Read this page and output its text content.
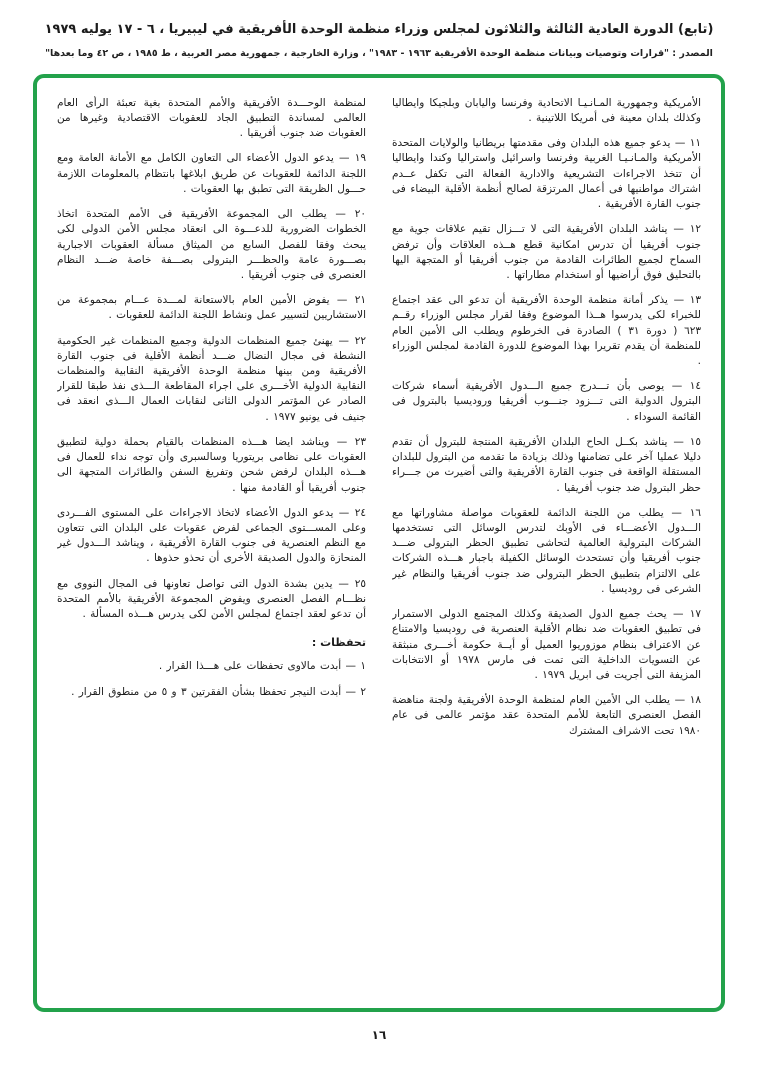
(تابع) الدورة العادية الثالثة والثلاثون لمجلس وزراء منظمة الوحدة الأفريقية في ليبيريا ، ٦ - ١٧ يوليه ١٩٧٩
المصدر : "قرارات وتوصيات وبيانات منظمة الوحدة الأفريقية ١٩٦٣ - ١٩٨٣" ، وزارة الخارجية ، جمهورية مصر العربية ، ط ١٩٨٥ ، ص ٤٢ وما بعدها"

الأمريكية وجمهورية المـانـيـا الاتحادية وفرنسا واليابان وبلجيكا وايطاليا وكذلك بلدان معينة فى أمريكا اللاتينية .

١١ — يدعو جميع هذه البلدان وفى مقدمتها بريطانيا والولايات المتحدة الأمريكية والمـانـيـا الغربية وفرنسا واسرائيل واستراليا وكندا وايطاليا أن تتخذ الاجراءات التشريعية والادارية الفعالة التى تكفل عــدم اشتراك مواطنيها فى أعمال المرتزقة لصالح أنظمة الأقلية البيضاء فى جنوب القارة الأفريقية .

١٢ — يناشد البلدان الأفريقية التى لا تـــزال تقيم علاقات جوية مع جنوب أفريقيا أن تدرس امكانية قطع هــذه العلاقات وأن ترفض السماح لجميع الطائرات القادمة من جنوب أفريقيا أو المتجهة اليها بالتحليق فوق أراضيها أو استخدام مطاراتها .

١٣ — يذكر أمانة منظمة الوحدة الأفريقية أن تدعو الى عقد اجتماع للخبراء لكى يدرسوا هــذا الموضوع وفقا لقرار مجلس الوزراء رقــم ٦٢٣ ( دورة ٣١ ) الصادرة فى الخرطوم ويطلب الى الأمين العام للمنظمة أن يقدم تقريرا بهذا الموضوع للدورة القادمة لمجلس الوزراء .

١٤ — يوصى بأن تـــدرج جميع الـــدول الأفريقية أسماء شركات البترول الدولية التى تـــزود جنـــوب أفريقيا وروديسيا بالبترول فى القائمة السوداء .

١٥ — يناشد بكــل الحاح البلدان الأفريقية المنتجة للبترول أن تقدم دليلا عمليا آخر على تضامنها وذلك بزيادة ما تقدمه من البترول للبلدان المستقلة الواقعة فى جنوب القارة الأفريقية والتى أضيرت من جـــراء حظر البترول ضد جنوب أفريقيا .

١٦ — يطلب من اللجنة الدائمة للعقوبات مواصلة مشاوراتها مع الـــدول الأعضـــاء فى الأوبك لتدرس الوسائل التى تستخدمها الشركات البترولية العالمية لتحاشى تطبيق الحظر البترولى ضـــد جنوب أفريقيا وأن تستحدث الوسائل الكفيلة باجبار هـــذه الشركات على الالتزام بتطبيق الحظر البترولى ضد جنوب أفريقيا والنظام غير الشرعى فى روديسيا .

١٧ — يحث جميع الدول الصديقة وكذلك المجتمع الدولى الاستمرار فى تطبيق العقوبات ضد نظام الأقلية العنصرية فى روديسيا والامتناع عن الاعتراف بنظام موزوريوا العميل أو أيــة حكومة أخـــرى منبثقة عن التسويات الداخلية التى تمت فى مارس ١٩٧٨ أو الانتخابات المزيفة التى أجريت فى ابريل ١٩٧٩ .

١٨ — يطلب الى الأمين العام لمنظمة الوحدة الأفريقية ولجنة مناهضة الفصل العنصرى التابعة للأمم المتحدة عقد مؤتمر عالمى فى عام ١٩٨٠ تحت الاشراف المشترك

لمنظمة الوحـــدة الأفريقية والأمم المتحدة بغية تعبئة الرأى العام العالمى لمساندة التطبيق الجاد للعقوبات الاقتصادية وغيرها من العقوبات ضد جنوب أفريقيا .

١٩ — يدعو الدول الأعضاء الى التعاون الكامل مع الأمانة العامة ومع اللجنة الدائمة للعقوبات عن طريق ابلاغها بانتظام بالمعلومات اللازمة حـــول الظريقة التى تطبق بها العقوبات .

٢٠ — يطلب الى المجموعة الأفريقية فى الأمم المتحدة اتخاذ الخطوات الضرورية للدعـــوة الى انعقاد مجلس الأمن الدولى لكى يبحث وفقا للفصل السابع من الميثاق مسألة العقوبات الاجبارية بصـــورة عامة والحظـــر البترولى بصـــفة خاصة ضـــد النظام العنصرى فى جنوب أفريقيا .

٢١ — يفوض الأمين العام بالاستعانة لمـــدة عـــام بمجموعة من الاستشاريين لتسيير عمل ونشاط اللجنة الدائمة للعقوبات .

٢٢ — يهنئ جميع المنظمات الدولية وجميع المنظمات غير الحكومية النشطة فى مجال النضال ضـــد أنظمة الأقلية فى جنوب القارة الأفريقية ومن بينها منظمة الوحدة الأفريقية النقابية والمنظمات النقابية الدولية الأخـــرى على اجراء المقاطعة الـــذى نفذ طبقا للقرار الصادر عن المؤتمر الدولى الثانى لنقابات العمال الـــذى انعقد فى جنيف فى يونيو ١٩٧٧ .

٢٣ — ويناشد ايضا هـــذه المنظمات بالقيام بحملة دولية لتطبيق العقوبات على نظامى بريتوريا وسالسبرى وأن توجه نداء للعمال فى هـــذه البلدان لرفض شحن وتفريغ السفن والطائرات المتجهة الى جنوب أفريقيا أو القادمة منها .

٢٤ — يدعو الدول الأعضاء لاتخاذ الاجراءات على المستوى الفـــردى وعلى المســـتوى الجماعى لفرض عقوبات على البلدان التى تتعاون مع النظم العنصرية فى جنوب القارة الأفريقية ، ويناشد الـــدول غير المنحازة والدول الصديقة الأخرى أن تحذو حذوها .

٢٥ — يدين بشدة الدول التى تواصل تعاونها فى المجال النووى مع نظـــام الفصل العنصرى ويفوض المجموعة الأفريقية بالأمم المتحدة أن تدعو لعقد اجتماع لمجلس الأمن لكى يدرس هـــذه المسألة .

تحفظات :

١ — أبدت مالاوى تحفظات على هـــذا القرار .

٢ — أبدت النيجر تحفظا بشأن الفقرتين ٣ و ٥ من منطوق القرار .

١٦
